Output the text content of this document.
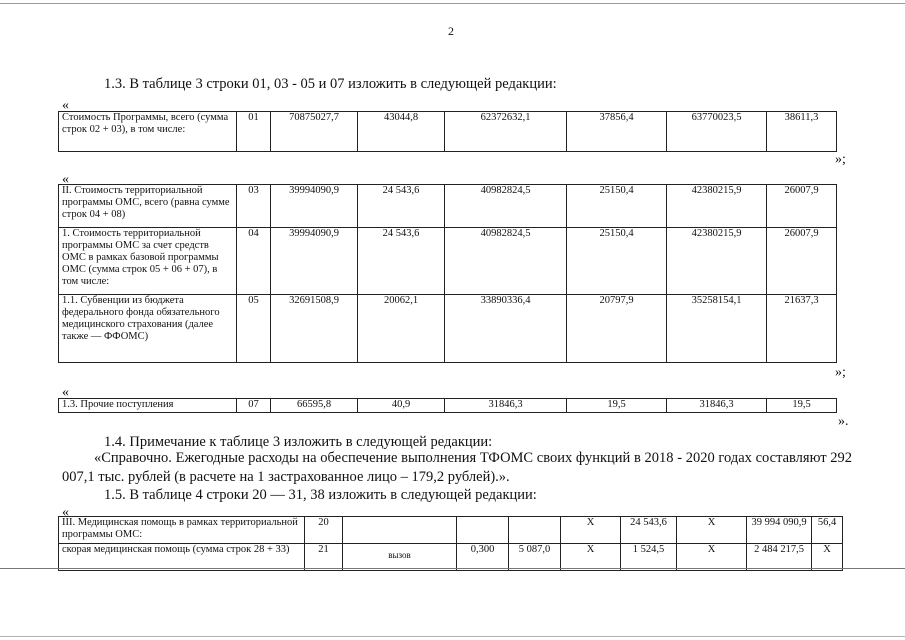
2
1.3. В таблице 3 строки 01, 03 - 05 и 07 изложить в следующей редакции:
«
Стоимость Программы, всего (сумма строк 02 + 03), в том числе:	01	70875027,7	43044,8	62372632,1	37856,4	63770023,5	38611,3
»;
«
II. Стоимость территориальной программы ОМС, всего (равна сумме строк 04 + 08)	03	39994090,9	24 543,6	40982824,5	25150,4	42380215,9	26007,9
1. Стоимость территориальной программы ОМС за счет средств ОМС в рамках базовой программы ОМС (сумма строк 05 + 06 + 07), в том числе:	04	39994090,9	24 543,6	40982824,5	25150,4	42380215,9	26007,9
1.1. Субвенции из бюджета федерального фонда обязательного медицинского страхования (далее также — ФФОМС)	05	32691508,9	20062,1	33890336,4	20797,9	35258154,1	21637,3
»;
«
1.3. Прочие поступления	07	66595,8	40,9	31846,3	19,5	31846,3	19,5
».
1.4. Примечание к таблице 3 изложить в следующей редакции:
«Справочно. Ежегодные расходы на обеспечение выполнения ТФОМС своих функций в 2018 - 2020 годах составляют 292 007,1 тыс. рублей (в расчете на 1 застрахованное лицо – 179,2 рублей).».
1.5. В таблице 4 строки 20 — 31, 38 изложить в следующей редакции:
«
III. Медицинская помощь в рамках территориальной программы ОМС:	20				X	24 543,6	X	39 994 090,9	56,4
скорая медицинская помощь (сумма строк 28 + 33)	21	вызов	0,300	5 087,0	X	1 524,5	X	2 484 217,5	X
